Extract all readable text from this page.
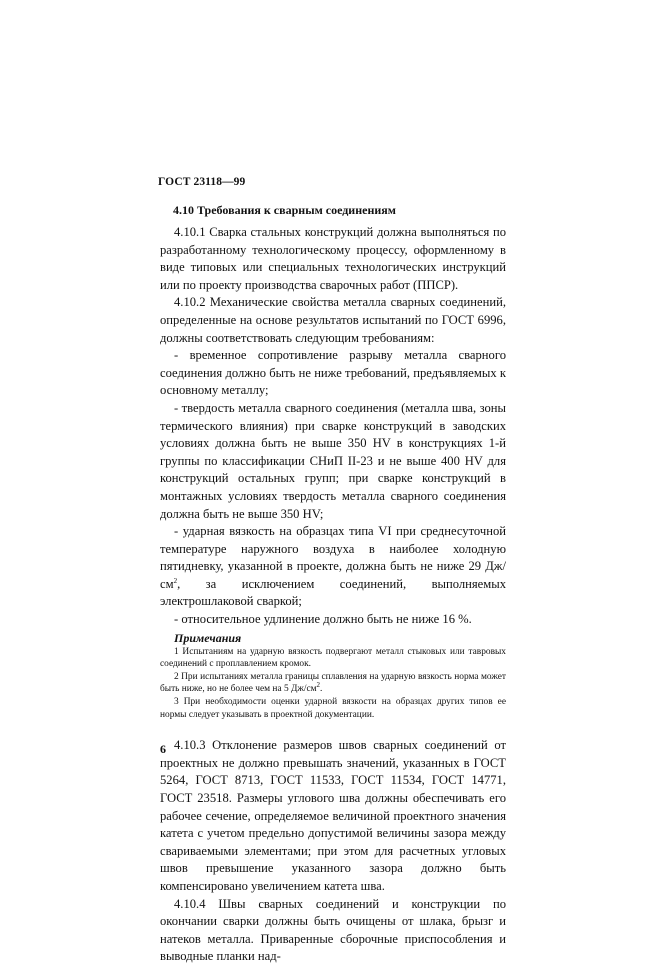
ГОСТ 23118—99
4.10 Требования к сварным соединениям

4.10.1 Сварка стальных конструкций должна выполняться по разработанному технологическому процессу, оформленному в виде типовых или специальных технологических инструкций или по проекту производства сварочных работ (ППСР).

4.10.2 Механические свойства металла сварных соединений, определенные на основе результатов испытаний по ГОСТ 6996, должны соответствовать следующим требованиям:

- временное сопротивление разрыву металла сварного соединения должно быть не ниже требований, предъявляемых к основному металлу;

- твердость металла сварного соединения (металла шва, зоны термического влияния) при сварке конструкций в заводских условиях должна быть не выше 350 HV в конструкциях 1-й группы по классификации СНиП II-23 и не выше 400 HV для конструкций остальных групп; при сварке конструкций в монтажных условиях твердость металла сварного соединения должна быть не выше 350 HV;

- ударная вязкость на образцах типа VI при среднесуточной температуре наружного воздуха в наиболее холодную пятидневку, указанной в проекте, должна быть не ниже 29 $Дж/см^2$, за исключением соединений, выполняемых электрошлаковой сваркой;

- относительное удлинение должно быть не ниже 16 %.

Примечания

1 Испытаниям на ударную вязкость подвергают металл стыковых или тавровых соединений с проплавлением кромок.

2 При испытаниях металла границы сплавления на ударную вязкость норма может быть ниже, но не более чем на 5 $Дж/см^2$.

3 При необходимости оценки ударной вязкости на образцах других типов ее нормы следует указывать в проектной документации.

4.10.3 Отклонение размеров швов сварных соединений от проектных не должно превышать значений, указанных в ГОСТ 5264, ГОСТ 8713, ГОСТ 11533, ГОСТ 11534, ГОСТ 14771, ГОСТ 23518. Размеры углового шва должны обеспечивать его рабочее сечение, определяемое величиной проектного значения катета с учетом предельно допустимой величины зазора между свариваемыми элементами; при этом для расчетных угловых швов превышение указанного зазора должно быть компенсировано увеличением катета шва.

4.10.4 Швы сварных соединений и конструкции по окончании сварки должны быть очищены от шлака, брызг и натеков металла. Приваренные сборочные приспособления и выводные планки над-

6
